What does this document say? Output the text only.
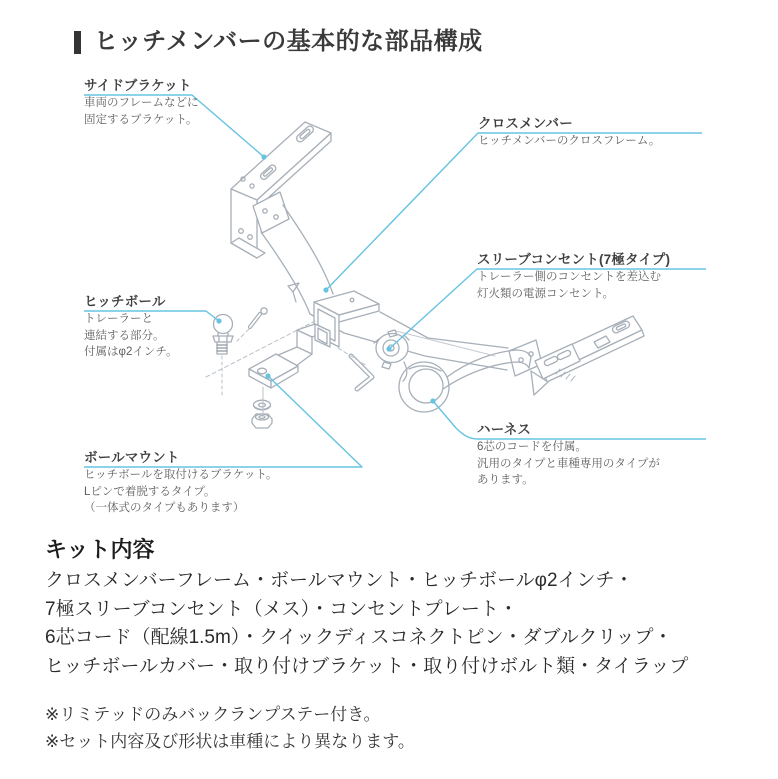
ヒッチメンバーの基本的な部品構成
サイドブラケット
車両のフレームなどに
固定するブラケット。	クロスメンバー
ヒッチメンバーのクロスフレーム。
スリーブコンセント(7極タイプ)
トレーラー側のコンセントを差込む
灯火類の電源コンセント。
ヒッチボール
トレーラーと
連結する部分。
付属はφ2インチ。
ボールマウント
ヒッチボールを取付けるブラケット。
Lピンで着脱するタイプ。
（一体式のタイプもあります）
ハーネス
6芯のコードを付属。
汎用のタイプと車種専用のタイプが
あります。
キット内容
クロスメンバーフレーム・ボールマウント・ヒッチボールφ2インチ・
7極スリーブコンセント（メス）・コンセントプレート・
6芯コード（配線1.5m）・クイックディスコネクトピン・ダブルクリップ・
ヒッチボールカバー・取り付けブラケット・取り付けボルト類・タイラップ
※リミテッドのみバックランプステー付き。
※セット内容及び形状は車種により異なります。
